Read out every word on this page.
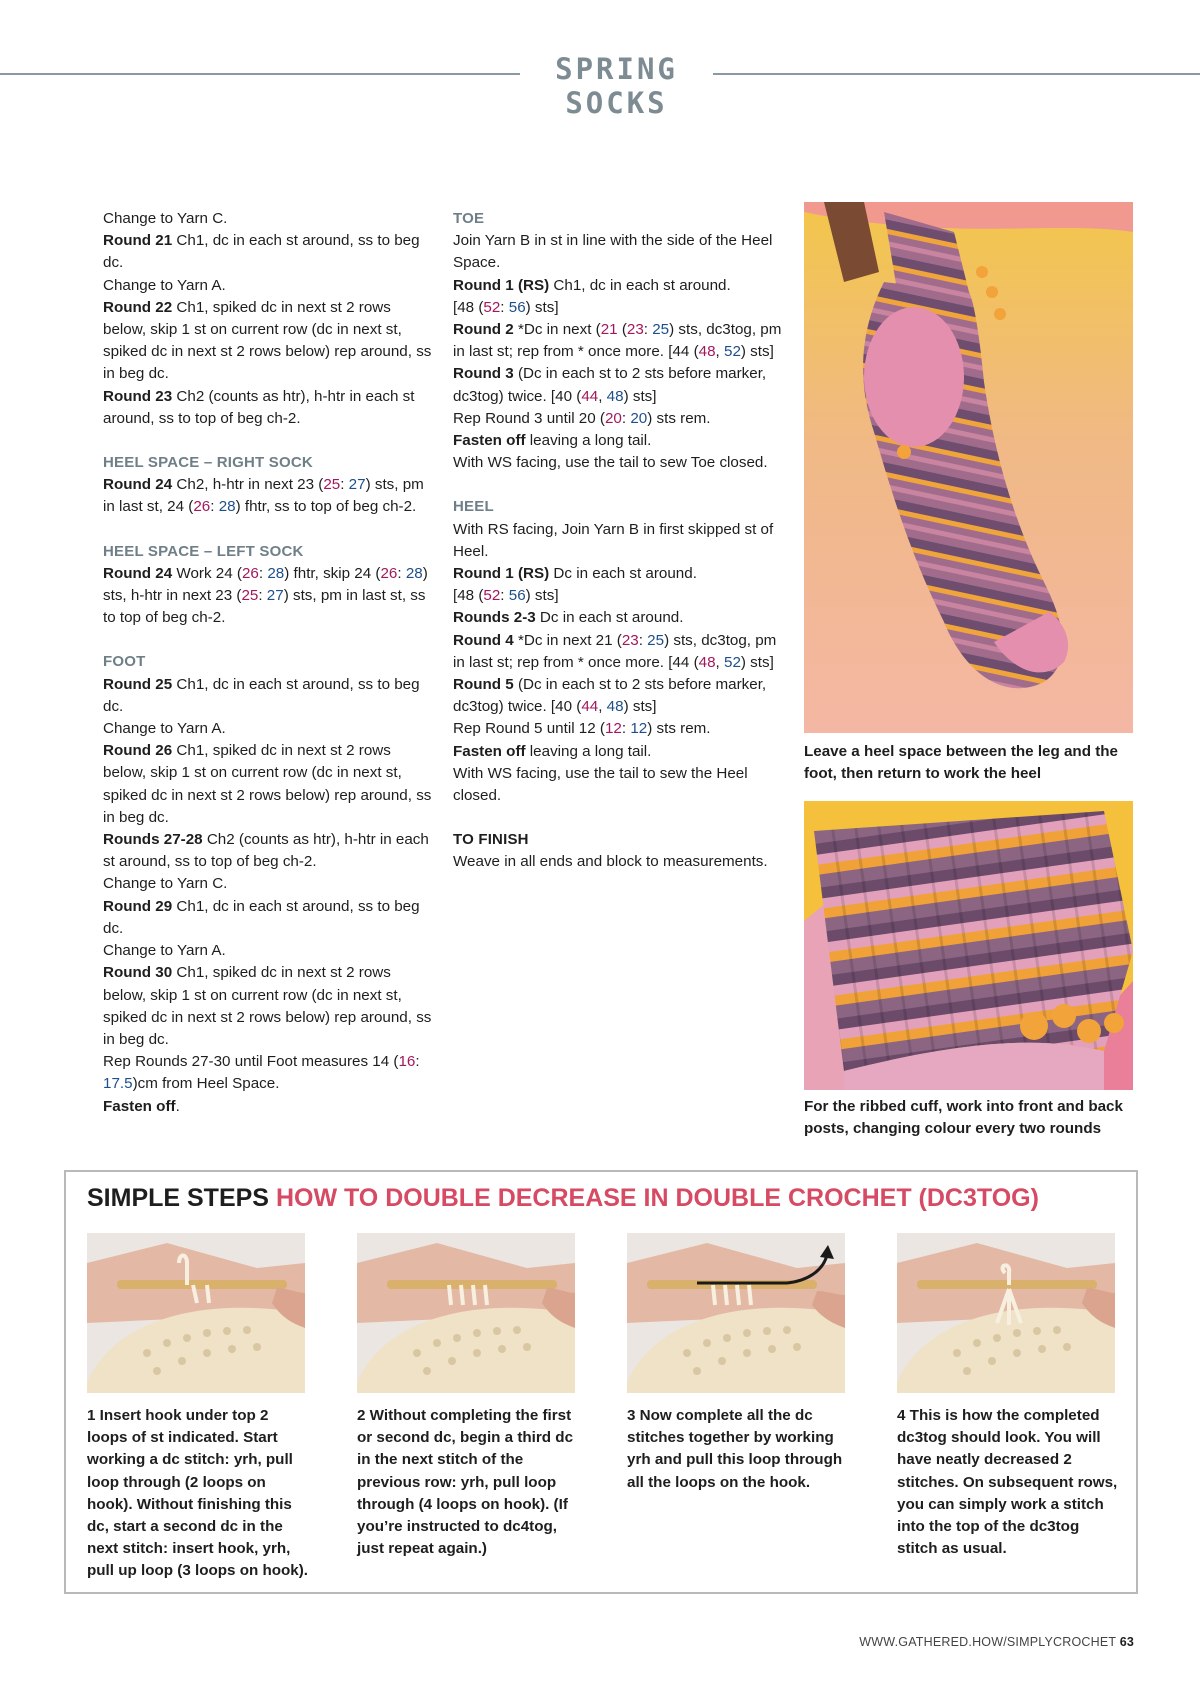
SPRING SOCKS

Change to Yarn C.

Round 21 Ch1, dc in each st around, ss to beg dc.

Change to Yarn A.

Round 22 Ch1, spiked dc in next st 2 rows below, skip 1 st on current row (dc in next st, spiked dc in next st 2 rows below) rep around, ss in beg dc.

Round 23 Ch2 (counts as htr), h-htr in each st around, ss to top of beg ch-2.

HEEL SPACE – RIGHT SOCK

Round 24 Ch2, h-htr in next 23 (25: 27) sts, pm in last st, 24 (26: 28) fhtr, ss to top of beg ch-2.

HEEL SPACE – LEFT SOCK

Round 24 Work 24 (26: 28) fhtr, skip 24 (26: 28) sts, h-htr in next 23 (25: 27) sts, pm in last st, ss to top of beg ch-2.

FOOT

Round 25 Ch1, dc in each st around, ss to beg dc.

Change to Yarn A.

Round 26 Ch1, spiked dc in next st 2 rows below, skip 1 st on current row (dc in next st, spiked dc in next st 2 rows below) rep around, ss in beg dc.

Rounds 27-28 Ch2 (counts as htr), h-htr in each st around, ss to top of beg ch-2.

Change to Yarn C.

Round 29 Ch1, dc in each st around, ss to beg dc.

Change to Yarn A.

Round 30 Ch1, spiked dc in next st 2 rows below, skip 1 st on current row (dc in next st, spiked dc in next st 2 rows below) rep around, ss in beg dc.

Rep Rounds 27-30 until Foot measures 14 (16: 17.5)cm from Heel Space.

Fasten off.

TOE

Join Yarn B in st in line with the side of the Heel Space.

Round 1 (RS) Ch1, dc in each st around.

[48 (52: 56) sts]

Round 2 *Dc in next (21 (23: 25) sts, dc3tog, pm in last st; rep from * once more. [44 (48, 52) sts]

Round 3 (Dc in each st to 2 sts before marker, dc3tog) twice. [40 (44, 48) sts]

Rep Round 3 until 20 (20: 20) sts rem.

Fasten off leaving a long tail.

With WS facing, use the tail to sew Toe closed.

HEEL

With RS facing, Join Yarn B in first skipped st of Heel.

Round 1 (RS) Dc in each st around.

[48 (52: 56) sts]

Rounds 2-3 Dc in each st around.

Round 4 *Dc in next 21 (23: 25) sts, dc3tog, pm in last st; rep from * once more. [44 (48, 52) sts]

Round 5 (Dc in each st to 2 sts before marker, dc3tog) twice. [40 (44, 48) sts]

Rep Round 5 until 12 (12: 12) sts rem.

Fasten off leaving a long tail.

With WS facing, use the tail to sew the Heel closed.

TO FINISH

Weave in all ends and block to measurements.

Leave a heel space between the leg and the foot, then return to work the heel
For the ribbed cuff, work into front and back posts, changing colour every two rounds
SIMPLE STEPS HOW TO DOUBLE DECREASE IN DOUBLE CROCHET (DC3TOG)
1 Insert hook under top 2 loops of st indicated. Start working a dc stitch: yrh, pull loop through (2 loops on hook). Without finishing this dc, start a second dc in the next stitch: insert hook, yrh, pull up loop (3 loops on hook).
2 Without completing the first or second dc, begin a third dc in the next stitch of the previous row: yrh, pull loop through (4 loops on hook). (If you’re instructed to dc4tog, just repeat again.)
3 Now complete all the dc stitches together by working yrh and pull this loop through all the loops on the hook.
4 This is how the completed dc3tog should look. You will have neatly decreased 2 stitches. On subsequent rows, you can simply work a stitch into the top of the dc3tog stitch as usual.
WWW.GATHERED.HOW/SIMPLYCROCHET 63
